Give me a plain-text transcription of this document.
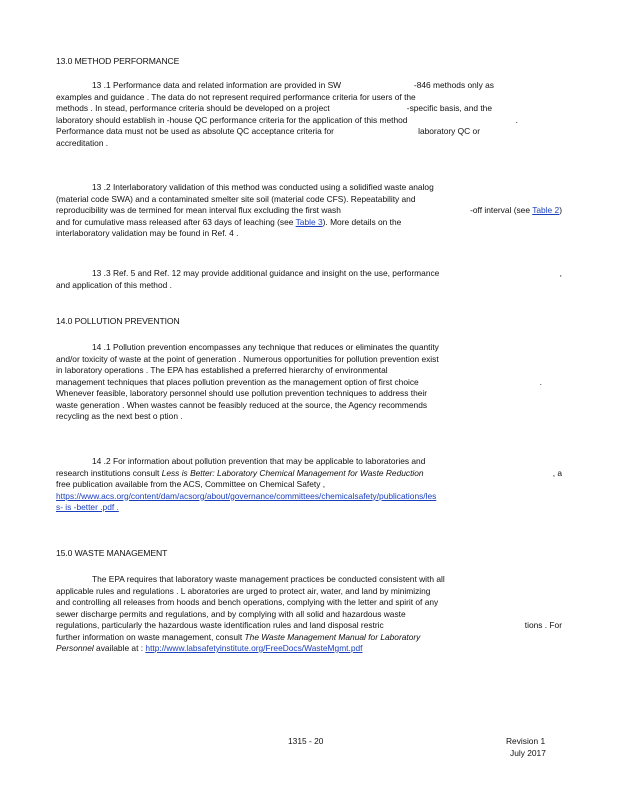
13.0 METHOD PERFORMANCE
13 .1 Performance data and related information are provided in SW	-846 methods only as
examples and guidance . The data do not represent required performance criteria for users of the
methods . In stead, performance criteria should be developed on a project	-specific basis, and the
laboratory should establish in -house QC performance criteria for the application of this method	.
Performance data must not be used as absolute QC acceptance criteria for	laboratory QC or
accreditation .
13 .2 Interlaboratory validation of this method was conducted using a solidified waste analog
(material code SWA) and a contaminated smelter site soil (material code CFS). Repeatability and
reproducibility was de termined for mean interval flux excluding the first wash	-off interval (see Table 2)
and for cumulative mass released after 63 days of leaching (see Table 3). More details on the
interlaboratory validation may be found in Ref. 4 .
13 .3 Ref. 5 and Ref. 12 may provide additional guidance and insight on the use, performance	,
and application of this method .
14.0 POLLUTION PREVENTION
14 .1 Pollution prevention encompasses any technique that reduces or eliminates the quantity
and/or toxicity of waste at the point of generation . Numerous opportunities for pollution prevention exist
in laboratory operations . The EPA has established a preferred hierarchy of environmental
management techniques that places pollution prevention as the management option of first choice	.
Whenever feasible, laboratory personnel should use pollution prevention techniques to address their
waste generation . When wastes cannot be feasibly reduced at the source, the Agency recommends
recycling as the next best o ption .
14 .2 For information about pollution prevention that may be applicable to laboratories and
research institutions consult Less is Better: Laboratory Chemical Management for Waste Reduction	, a
free publication available from the ACS, Committee on Chemical Safety ,
https://www.acs.org/content/dam/acsorg/about/governance/committees/chemicalsafety/publications/les
s- is -better .pdf .
15.0 WASTE MANAGEMENT
The EPA requires that laboratory waste management practices be conducted consistent with all
applicable rules and regulations . L aboratories are urged to protect air, water, and land by minimizing
and controlling all releases from hoods and bench operations, complying with the letter and spirit of any
sewer discharge permits and regulations, and by complying with all solid and hazardous waste
regulations, particularly the hazardous waste identification rules and land disposal restric	tions . For
further information on waste management, consult The Waste Management Manual for Laboratory
Personnel available at : http://www.labsafetyinstitute.org/FreeDocs/WasteMgmt.pdf
1315 - 20	Revision 1
July 2017
